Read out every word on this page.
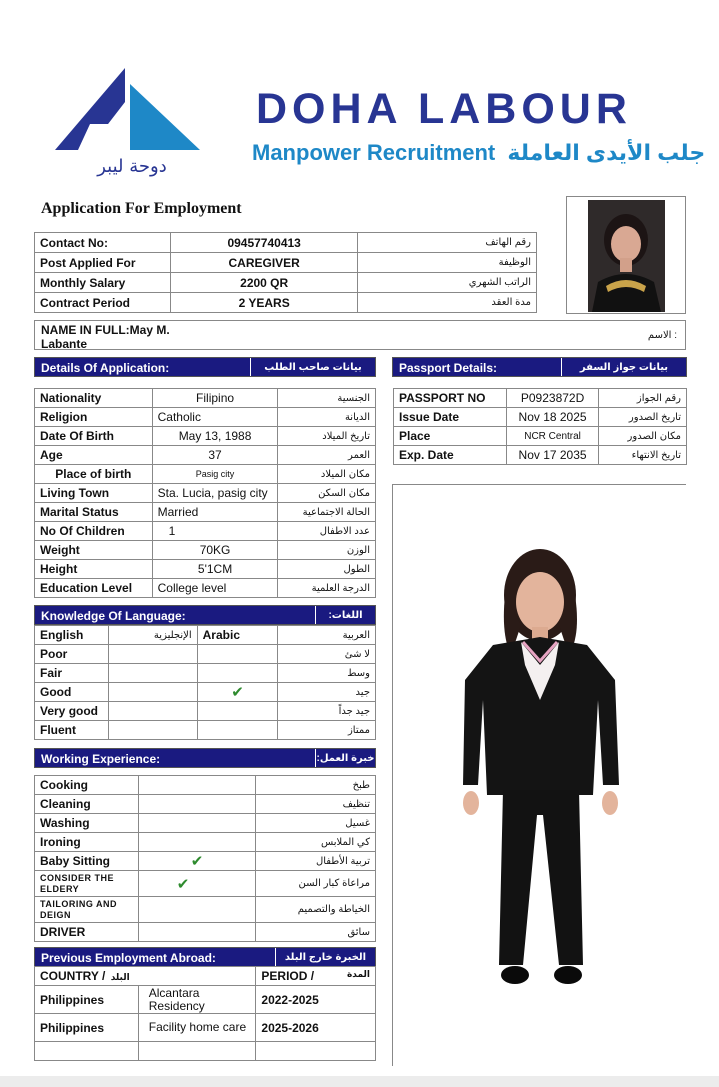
دوحة ليبر
DOHA LABOUR
Manpower Recruitment جلب الأيدى العاملة
Application For Employment
Contact No:	09457740413	رقم الهاتف
Post Applied For	CAREGIVER	الوظيفة
Monthly Salary	2200 QR	الراتب الشهري
Contract Period	2 YEARS	مدة العقد
NAME IN FULL:May M.
Labante
الاسم :
Details Of Application:	بيانات صاحب الطلب	Passport Details:	بيانات جواز السفر
Nationality	Filipino	الجنسية
Religion	Catholic	الديانة
Date Of Birth	May 13, 1988	تاريخ الميلاد
Age	37	العمر
Place of birth	Pasig city	مكان الميلاد
Living Town	Sta. Lucia, pasig city	مكان السكن
Marital Status	Married	الحالة الاجتماعية
No Of Children	1	عدد الاطفال
Weight	70KG	الوزن
Height	5'1CM	الطول
Education Level	College level	الدرجة العلمية
PASSPORT NO	P0923872D	رقم الجواز
Issue Date	Nov 18 2025	تاريخ الصدور
Place	NCR Central	مكان الصدور
Exp. Date	Nov 17 2035	تاريخ الانتهاء
Knowledge Of Language:	اللغات:
English	الإنجليزية	Arabic	العربية
Poor			لا شئ
Fair			وسط
Good		✔	جيد
Very good			جيد جداً
Fluent			ممتاز
Working Experience:	خبرة العمل:
Cooking		طبخ
Cleaning		تنظيف
Washing		غسيل
Ironing		كي الملابس
Baby Sitting	✔	تربية الأطفال
CONSIDER THE ELDERY	✔	مراعاة كبار السن
TAILORING AND DEIGN		الخياطة والتصميم
DRIVER		سائق
Previous Employment Abroad:	الخبرة خارج البلد
COUNTRY / البلد		PERIOD / المدة

Philippines	Alcantara Residency	2022-2025
Philippines	Facility home care	2025-2026
